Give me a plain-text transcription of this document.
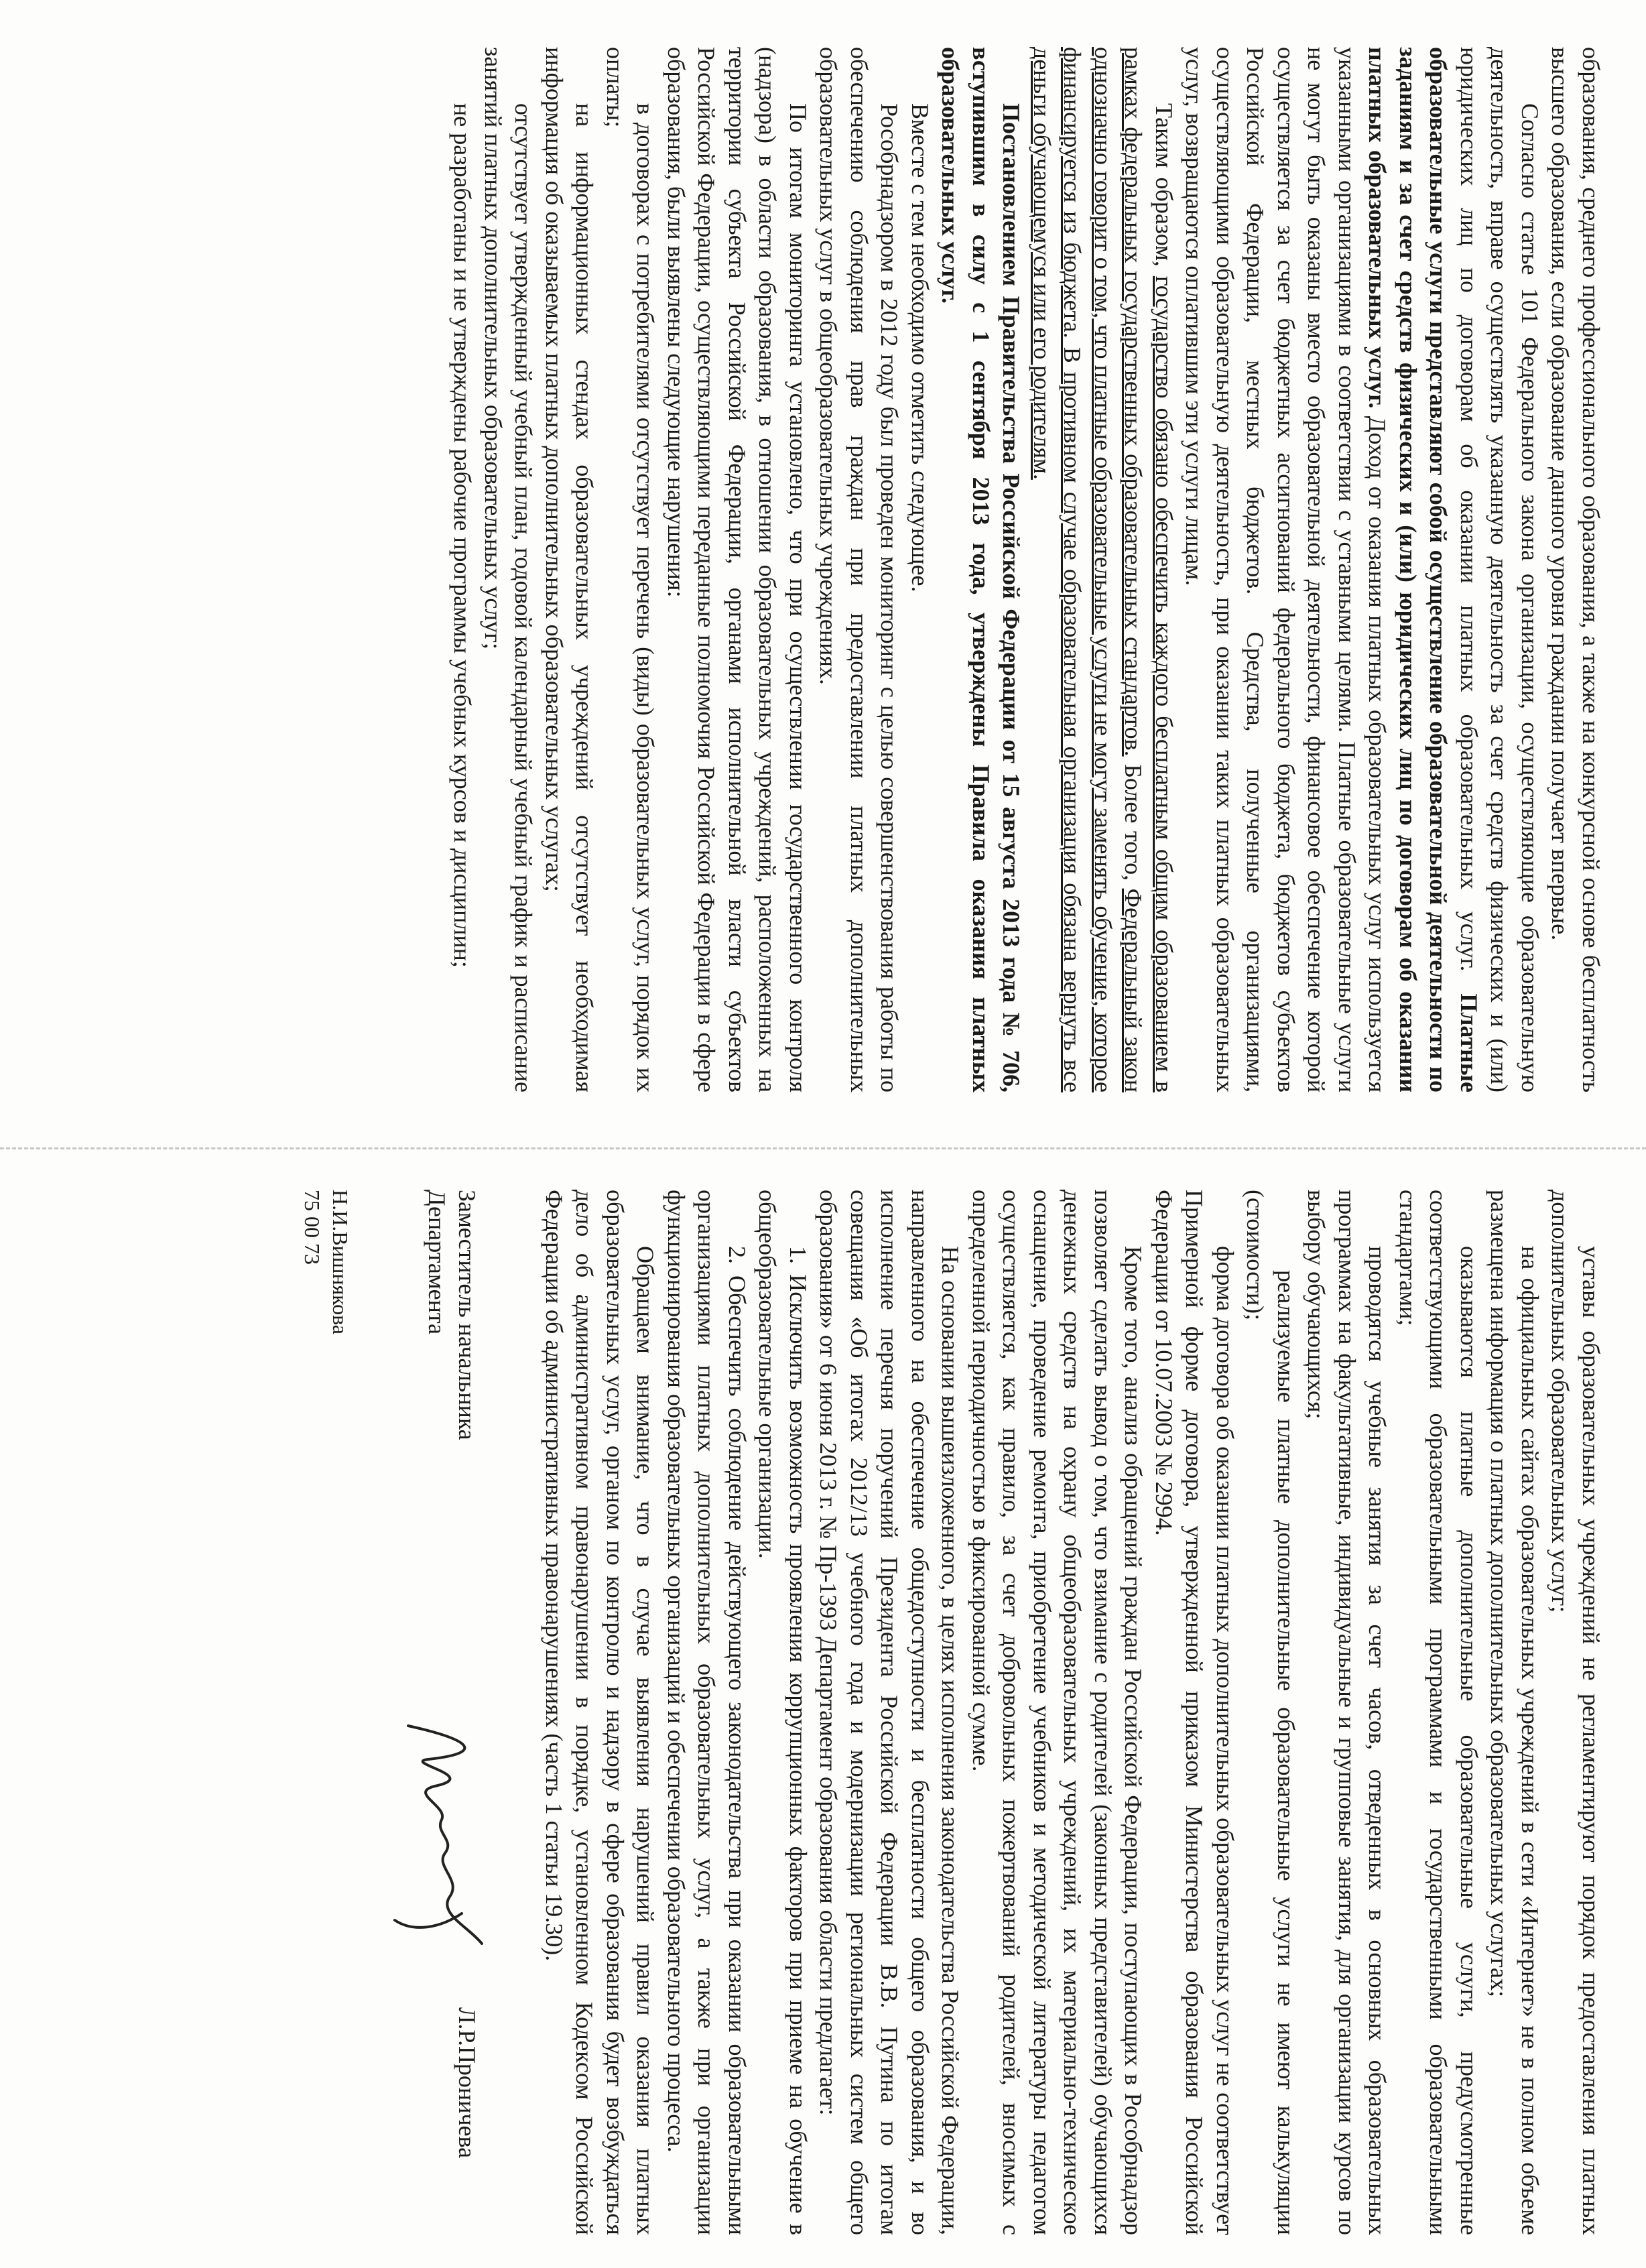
образования, среднего профессионального образования, а также на конкурсной основе бесплатность высшего образования, если образование данного уровня гражданин получает впервые.

Согласно статье 101 Федерального закона организации, осуществляющие образовательную деятельность, вправе осуществлять указанную деятельность за счет средств физических и (или) юридических лиц по договорам об оказании платных образовательных услуг. Платные образовательные услуги представляют собой осуществление образовательной деятельности по заданиям и за счет средств физических и (или) юридических лиц по договорам об оказании платных образовательных услуг. Доход от оказания платных образовательных услуг используется указанными организациями в соответствии с уставными целями. Платные образовательные услуги не могут быть оказаны вместо образовательной деятельности, финансовое обеспечение которой осуществляется за счет бюджетных ассигнований федерального бюджета, бюджетов субъектов Российской Федерации, местных бюджетов. Средства, полученные организациями, осуществляющими образовательную деятельность, при оказании таких платных образовательных услуг, возвращаются оплатившим эти услуги лицам.

Таким образом, государство обязано обеспечить каждого бесплатным общим образованием в рамках федеральных государственных образовательных стандартов. Более того, Федеральный закон однозначно говорит о том, что платные образовательные услуги не могут заменять обучение, которое финансируется из бюджета. В противном случае образовательная организация обязана вернуть все деньги обучающемуся или его родителям.

Постановлением Правительства Российской Федерации от 15 августа 2013 года № 706, вступившим в силу с 1 сентября 2013 года, утверждены Правила оказания платных образовательных услуг.

Вместе с тем необходимо отметить следующее.

Рособрнадзором в 2012 году был проведен мониторинг с целью совершенствования работы по обеспечению соблюдения прав граждан при предоставлении платных дополнительных образовательных услуг в общеобразовательных учреждениях.

По итогам мониторинга установлено, что при осуществлении государственного контроля (надзора) в области образования, в отношении образовательных учреждений, расположенных на территории субъекта Российской Федерации, органами исполнительной власти субъектов Российской Федерации, осуществляющими переданные полномочия Российской Федерации в сфере образования, были выявлены следующие нарушения:

в договорах с потребителями отсутствует перечень (виды) образовательных услуг, порядок их оплаты;

на информационных стендах образовательных учреждений отсутствует необходимая информация об оказываемых платных дополнительных образовательных услугах;

отсутствует утвержденный учебный план, годовой календарный учебный график и расписание занятий платных дополнительных образовательных услуг;

не разработаны и не утверждены рабочие программы учебных курсов и дисциплин;

уставы образовательных учреждений не регламентируют порядок предоставления платных дополнительных образовательных услуг;

на официальных сайтах образовательных учреждений в сети «Интернет» не в полном объеме размещена информация о платных дополнительных образовательных услугах;

оказываются платные дополнительные образовательные услуги, предусмотренные соответствующими образовательными программами и государственными образовательными стандартами;

проводятся учебные занятия за счет часов, отведенных в основных образовательных программах на факультативные, индивидуальные и групповые занятия, для организации курсов по выбору обучающихся;

реализуемые платные дополнительные образовательные услуги не имеют калькуляции (стоимости);

форма договора об оказании платных дополнительных образовательных услуг не соответствует Примерной форме договора, утвержденной приказом Министерства образования Российской Федерации от 10.07.2003 № 2994.

Кроме того, анализ обращений граждан Российской Федерации, поступающих в Рособрнадзор позволяет сделать вывод о том, что взимание с родителей (законных представителей) обучающихся денежных средств на охрану общеобразовательных учреждений, их материально-техническое оснащение, проведение ремонта, приобретение учебников и методической литературы педагогом осуществляется, как правило, за счет добровольных пожертвований родителей, вносимых с определенной периодичностью в фиксированной сумме.

На основании вышеизложенного, в целях исполнения законодательства Российской Федерации, направленного на обеспечение общедоступности и бесплатности общего образования, и во исполнение перечня поручений Президента Российской Федерации В.В. Путина по итогам совещания «Об итогах 2012/13 учебного года и модернизации региональных систем общего образования» от 6 июня 2013 г. № Пр-1393 Департамент образования области предлагает:

1. Исключить возможность проявления коррупционных факторов при приеме на обучение в общеобразовательные организации.

2. Обеспечить соблюдение действующего законодательства при оказании образовательными организациями платных дополнительных образовательных услуг, а также при организации функционирования образовательных организаций и обеспечении образовательного процесса.

Обращаем внимание, что в случае выявления нарушений правил оказания платных образовательных услуг, органом по контролю и надзору в сфере образования будет возбуждаться дело об административном правонарушении в порядке, установленном Кодексом Российской Федерации об административных правонарушениях (часть 1 статьи 19.30).

Заместитель начальника
Департамента
Л.Р.Проничева
Н.И.Вишнякова
75 00 73
